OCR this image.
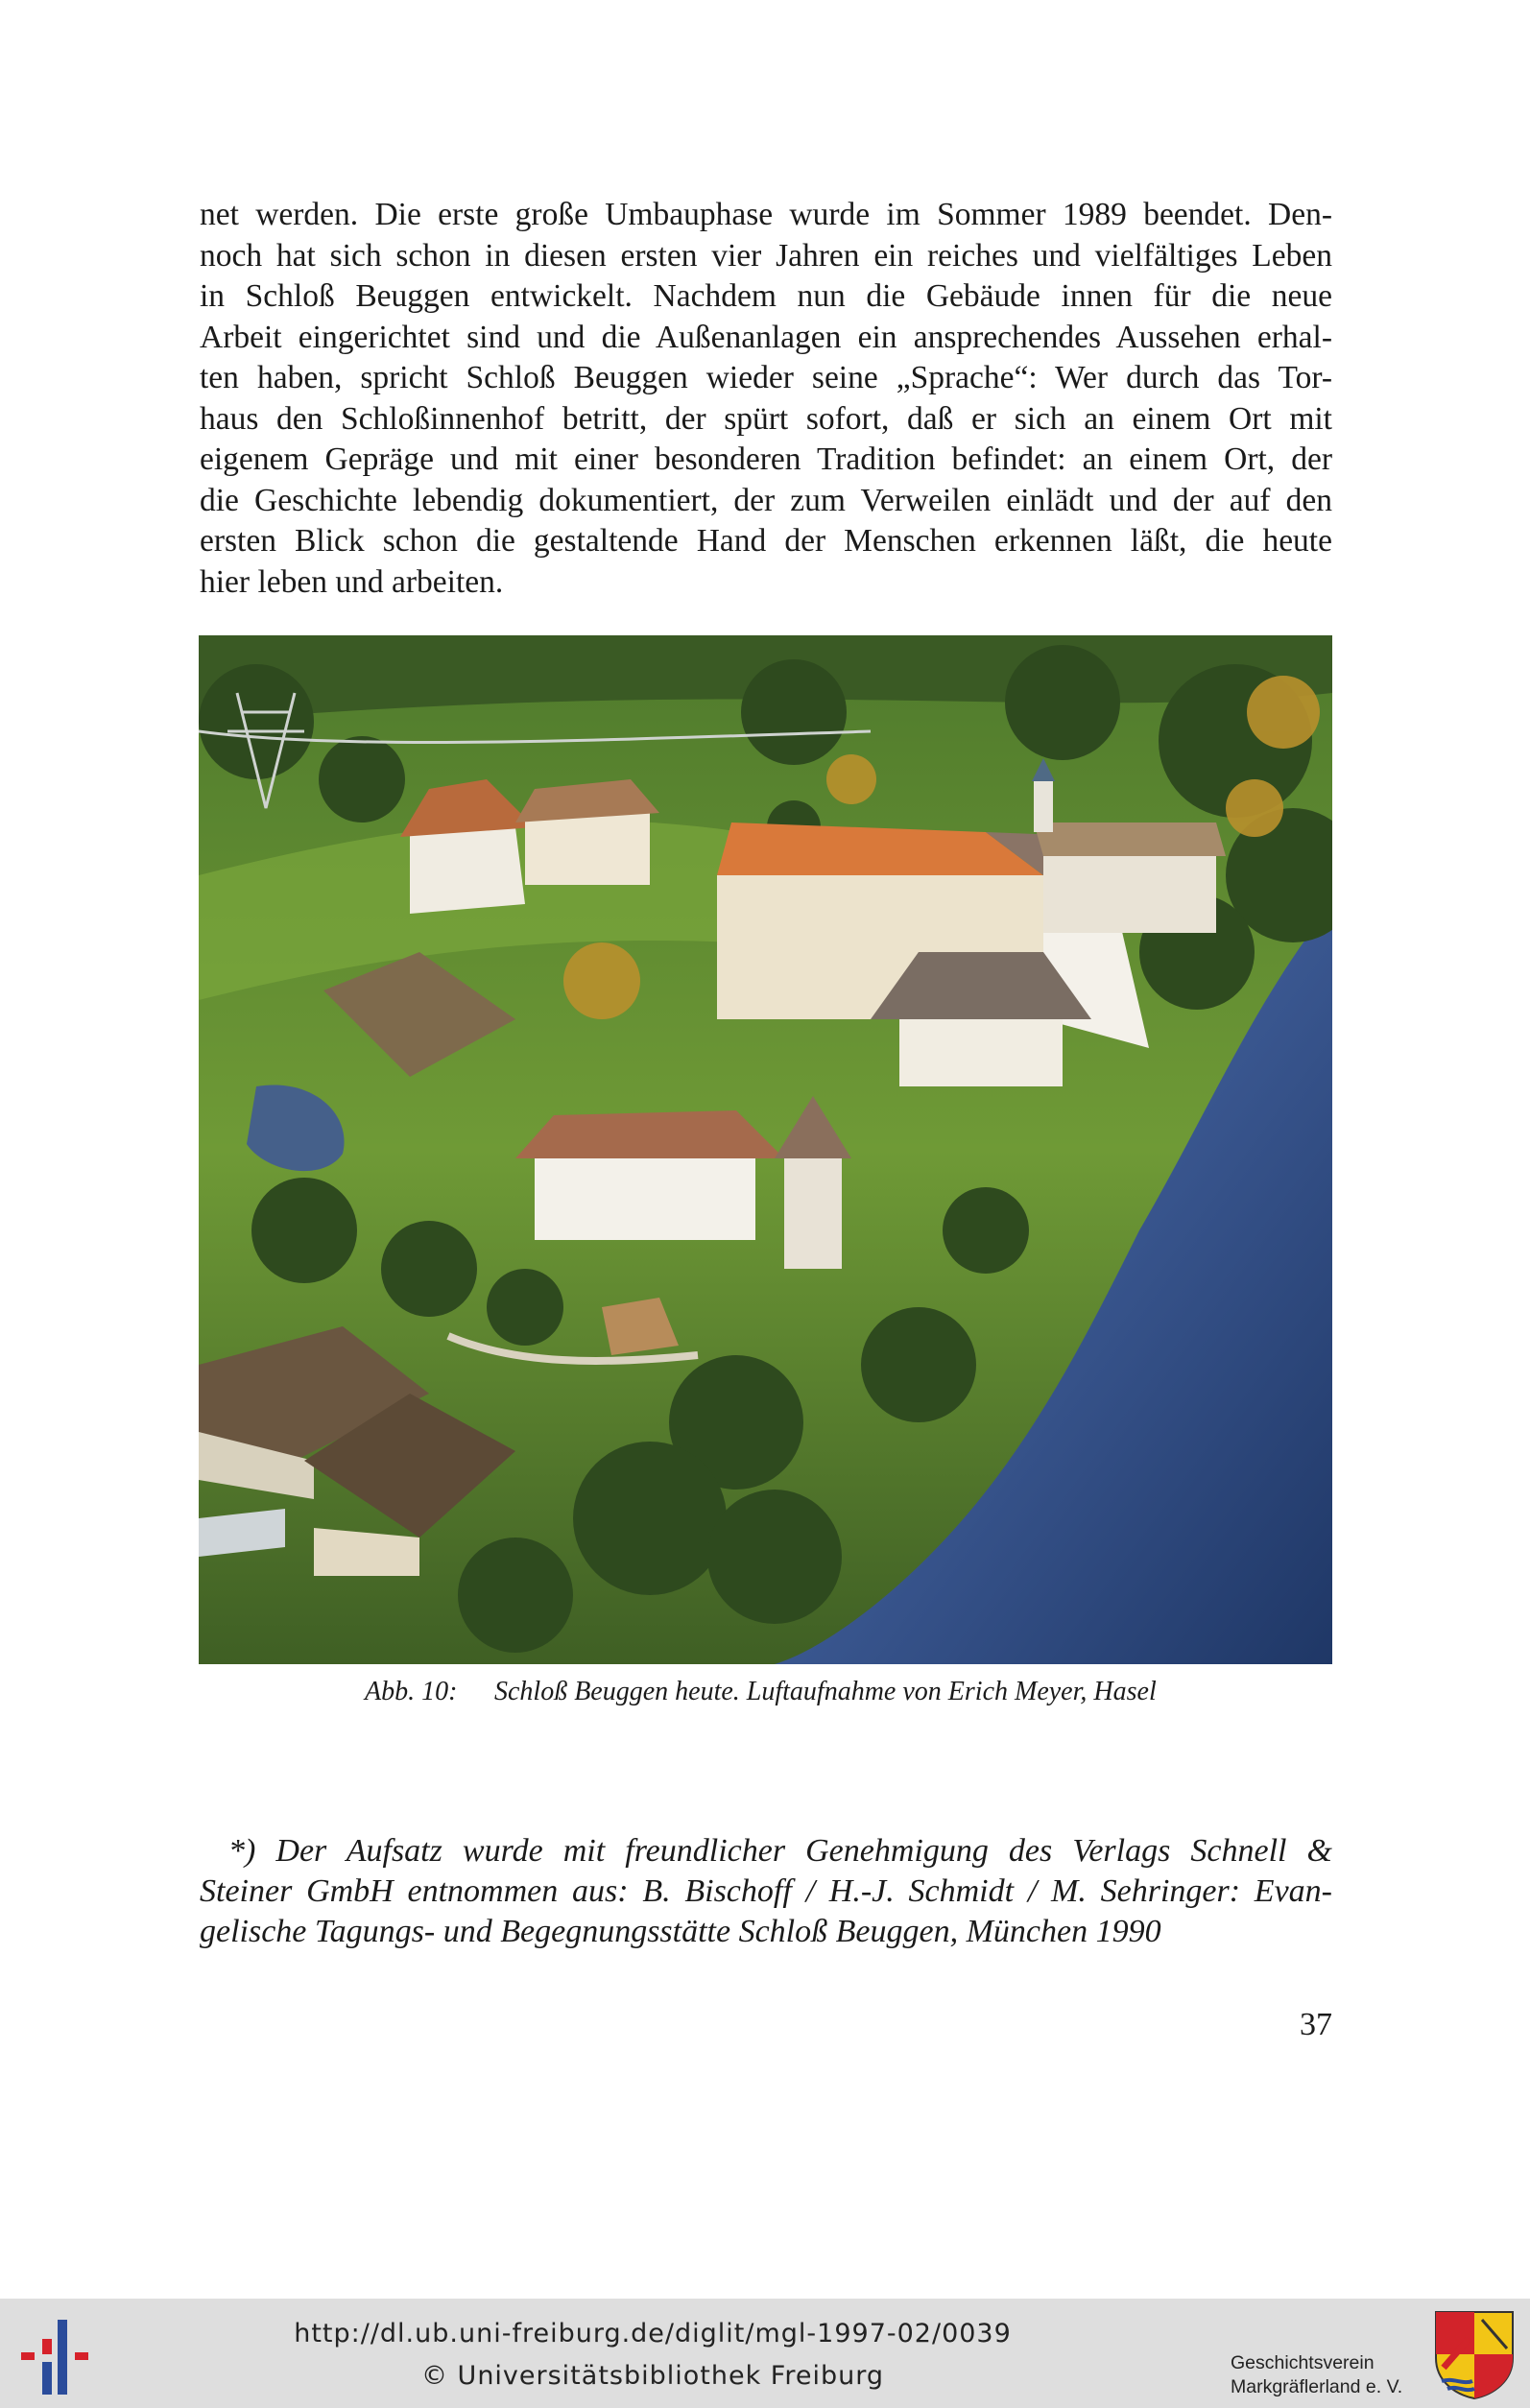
net werden. Die erste große Umbauphase wurde im Sommer 1989 beendet. Den-
noch hat sich schon in diesen ersten vier Jahren ein reiches und vielfältiges Leben
in Schloß Beuggen entwickelt. Nachdem nun die Gebäude innen für die neue
Arbeit eingerichtet sind und die Außenanlagen ein ansprechendes Aussehen erhal-
ten haben, spricht Schloß Beuggen wieder seine „Sprache“: Wer durch das Tor-
haus den Schloßinnenhof betritt, der spürt sofort, daß er sich an einem Ort mit
eigenem Gepräge und mit einer besonderen Tradition befindet: an einem Ort, der
die Geschichte lebendig dokumentiert, der zum Verweilen einlädt und der auf den
ersten Blick schon die gestaltende Hand der Menschen erkennen läßt, die heute
hier leben und arbeiten.
Abb. 10: Schloß Beuggen heute. Luftaufnahme von Erich Meyer, Hasel
*) Der Aufsatz wurde mit freundlicher Genehmigung des Verlags Schnell &
Steiner GmbH entnommen aus: B. Bischoff / H.-J. Schmidt / M. Sehringer: Evan-
gelische Tagungs- und Begegnungsstätte Schloß Beuggen, München 1990
37
http://dl.ub.uni-freiburg.de/diglit/mgl-1997-02/0039
© Universitätsbibliothek Freiburg	Geschichtsverein
Markgräflerland e. V.
